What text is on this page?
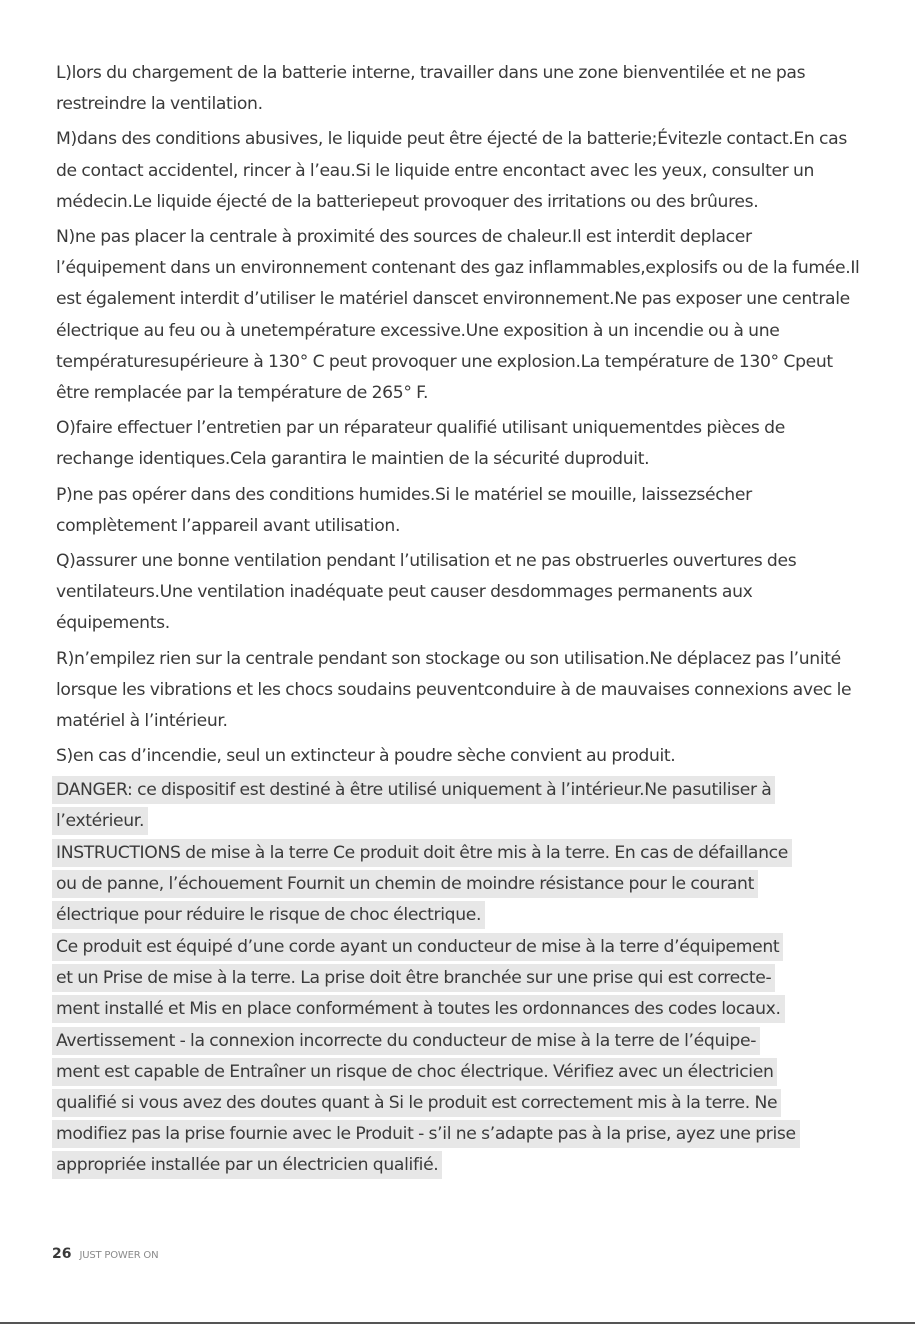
L)lors du chargement de la batterie interne, travailler dans une zone bienventilée et ne pas restreindre la ventilation.

M)dans des conditions abusives, le liquide peut être éjecté de la batterie;Évitezle contact.En cas de contact accidentel, rincer à l’eau.Si le liquide entre encontact avec les yeux, consulter un médecin.Le liquide éjecté de la batteriepeut provoquer des irritations ou des brûures.

N)ne pas placer la centrale à proximité des sources de chaleur.Il est interdit deplacer l’équipement dans un environnement contenant des gaz inflammables,explosifs ou de la fumée.Il est également interdit d’utiliser le matériel danscet environnement.Ne pas exposer une centrale électrique au feu ou à unetempérature excessive.Une exposition à un incendie ou à une températuresupérieure à 130° C peut provoquer une explosion.La température de 130° Cpeut être remplacée par la température de 265° F.

O)faire effectuer l’entretien par un réparateur qualifié utilisant uniquementdes pièces de rechange identiques.Cela garantira le maintien de la sécurité duproduit.

P)ne pas opérer dans des conditions humides.Si le matériel se mouille, laissezsécher complètement l’appareil avant utilisation.

Q)assurer une bonne ventilation pendant l’utilisation et ne pas obstruerles ouvertures des ventilateurs.Une ventilation inadéquate peut causer desdommages permanents aux équipements.

R)n’empilez rien sur la centrale pendant son stockage ou son utilisation.Ne déplacez pas l’unité lorsque les vibrations et les chocs soudains peuventconduire à de mauvaises connexions avec le matériel à l’intérieur.

S)en cas d’incendie, seul un extincteur à poudre sèche convient au produit.

DANGER: ce dispositif est destiné à être utilisé uniquement à l’intérieur.Ne pasutiliser à
l’extérieur.
INSTRUCTIONS de mise à la terre Ce produit doit être mis à la terre. En cas de défaillance
ou de panne, l’échouement Fournit un chemin de moindre résistance pour le courant
électrique pour réduire le risque de choc électrique.
Ce produit est équipé d’une corde ayant un conducteur de mise à la terre d’équipement
et un Prise de mise à la terre. La prise doit être branchée sur une prise qui est correcte-
ment installé et Mis en place conformément à toutes les ordonnances des codes locaux.
Avertissement - la connexion incorrecte du conducteur de mise à la terre de l’équipe-
ment est capable de Entraîner un risque de choc électrique. Vérifiez avec un électricien
qualifié si vous avez des doutes quant à Si le produit est correctement mis à la terre. Ne
modifiez pas la prise fournie avec le Produit - s’il ne s’adapte pas à la prise, ayez une prise
appropriée installée par un électricien qualifié.
26 JUST POWER ON
